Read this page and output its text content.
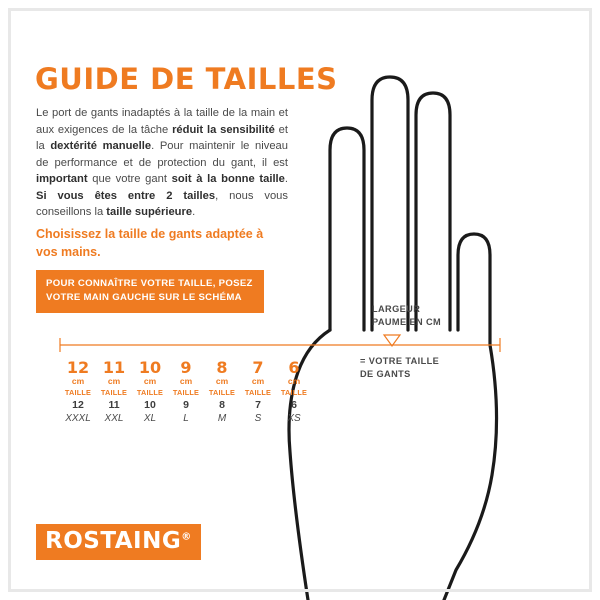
GUIDE DE TAILLES
Le port de gants inadaptés à la taille de la main et aux exigences de la tâche réduit la sensibilité et la dextérité manuelle. Pour maintenir le niveau de performance et de protection du gant, il est important que votre gant soit à la bonne taille. Si vous êtes entre 2 tailles, nous vous conseillons la taille supérieure.
Choisissez la taille de gants adaptée à vos mains.
POUR CONNAÎTRE VOTRE TAILLE, POSEZ VOTRE MAIN GAUCHE SUR LE SCHÉMA
12
cm
TAILLE
12
XXXL
11
cm
TAILLE
11
XXL
10
cm
TAILLE
10
XL
9
cm
TAILLE
9
L
8
cm
TAILLE
8
M
7
cm
TAILLE
7
S
6
cm
TAILLE
6
XS
LARGEUR
PAUME EN CM
= VOTRE TAILLE
DE GANTS
ROSTAING®
